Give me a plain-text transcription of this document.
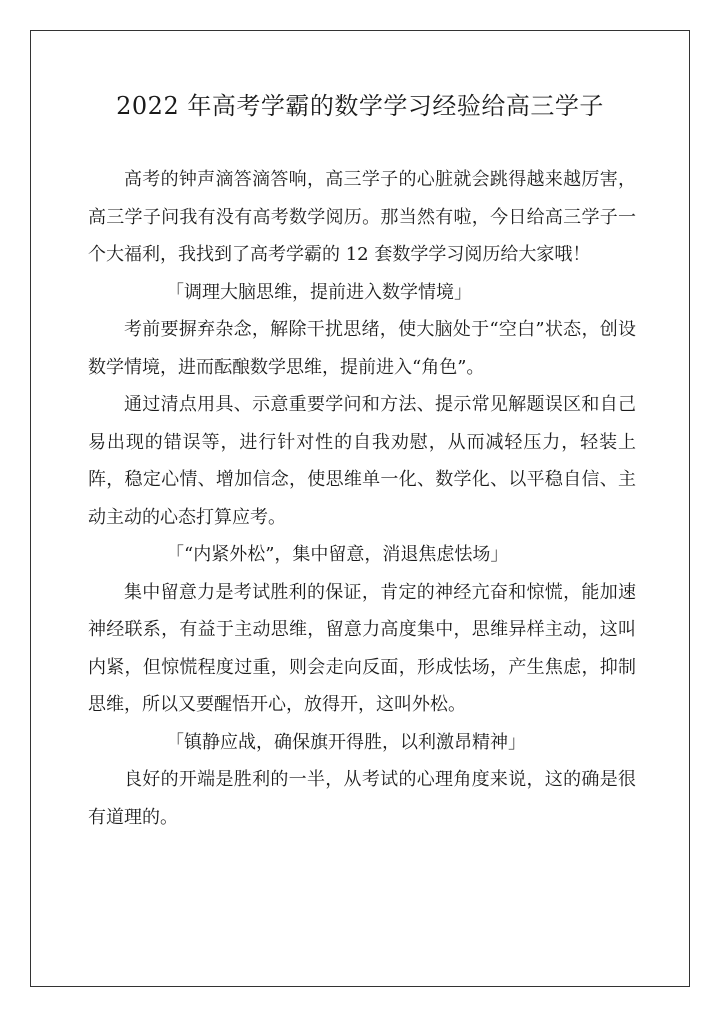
2022 年高考学霸的数学学习经验给高三学子

高考的钟声滴答滴答响，高三学子的心脏就会跳得越来越厉害，高三学子问我有没有高考数学阅历。那当然有啦，今日给高三学子一个大福利，我找到了高考学霸的 12 套数学学习阅历给大家哦！

「调理大脑思维，提前进入数学情境」

考前要摒弃杂念，解除干扰思绪，使大脑处于“空白”状态，创设数学情境，进而酝酿数学思维，提前进入“角色”。

通过清点用具、示意重要学问和方法、提示常见解题误区和自己易出现的错误等，进行针对性的自我劝慰，从而减轻压力，轻装上阵，稳定心情、增加信念，使思维单一化、数学化、以平稳自信、主动主动的心态打算应考。

「“内紧外松”，集中留意，消退焦虑怯场」

集中留意力是考试胜利的保证，肯定的神经亢奋和惊慌，能加速神经联系，有益于主动思维，留意力高度集中，思维异样主动，这叫内紧，但惊慌程度过重，则会走向反面，形成怯场，产生焦虑，抑制思维，所以又要醒悟开心，放得开，这叫外松。

「镇静应战，确保旗开得胜，以利激昂精神」

良好的开端是胜利的一半，从考试的心理角度来说，这的确是很有道理的。
